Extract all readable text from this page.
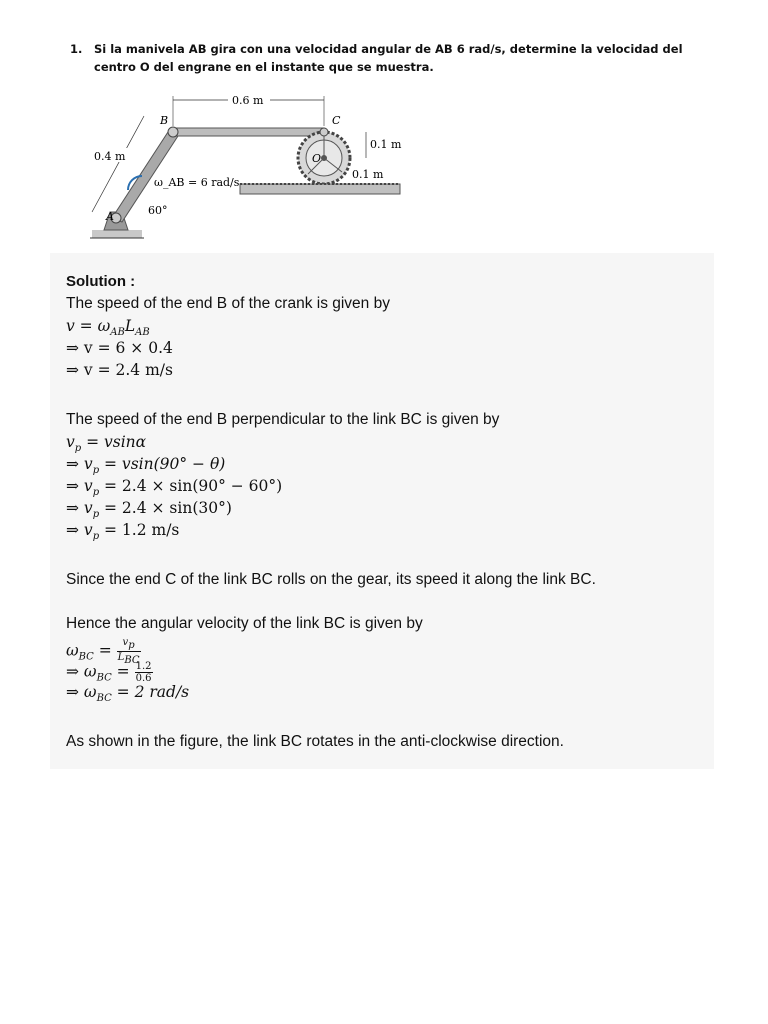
1. Si la manivela AB gira con una velocidad angular de AB 6 rad/s, determine la velocidad del centro O del engrane en el instante que se muestra.
0.6 m
0.4 m
0.1 m
0.1 m
A
B	C
O
ω_AB = 6 rad/s
60°
Solution :
The speed of the end B of the crank is given by
$v = \omega_{AB}L_{AB}$
⇒ v = 6 × 0.4
⇒ v = 2.4 m/s
The speed of the end B perpendicular to the link BC is given by
$v_p = vsin\alpha$
⇒ $v_p = vsin(90^\circ - \theta)$
⇒ $v_p = 2.4 \times \sin(90^\circ - 60^\circ)$
⇒ $v_p = 2.4 \times \sin(30^\circ)$
⇒ $v_p = 1.2$ m/s
Since the end C of the link BC rolls on the gear, its speed it along the link BC.
Hence the angular velocity of the link BC is given by
$\omega_{BC} = \frac{v_p}{L_{BC}}$
⇒ $\omega_{BC} = \frac{1.2}{0.6}$
⇒ $\omega_{BC} = 2$ rad/s
As shown in the figure, the link BC rotates in the anti-clockwise direction.
